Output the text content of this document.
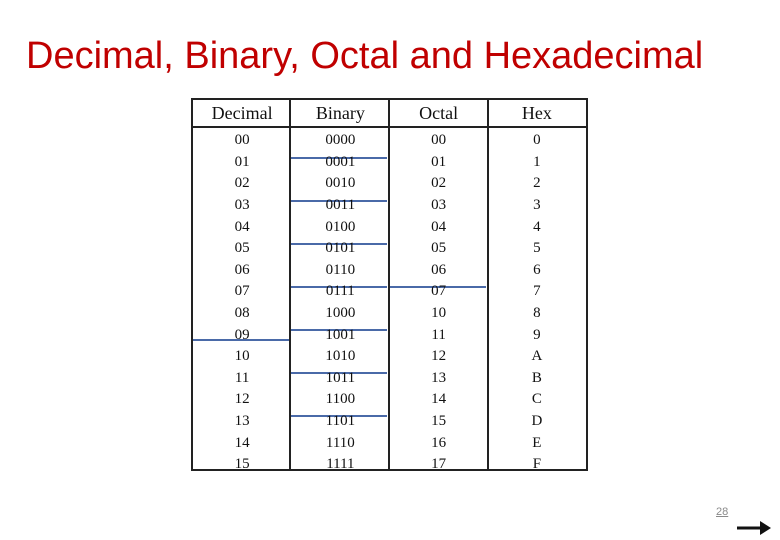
Decimal, Binary, Octal and Hexadecimal
Decimal	Binary	Octal	Hex
00	0000	00	0
01	0001	01	1
02	0010	02	2
03	0011	03	3
04	0100	04	4
05	0101	05	5
06	0110	06	6
07	0111	07	7
08	1000	10	8
09	1001	11	9
10	1010	12	A
11	1011	13	B
12	1100	14	C
13	1101	15	D
14	1110	16	E
15	1111	17	F
28
